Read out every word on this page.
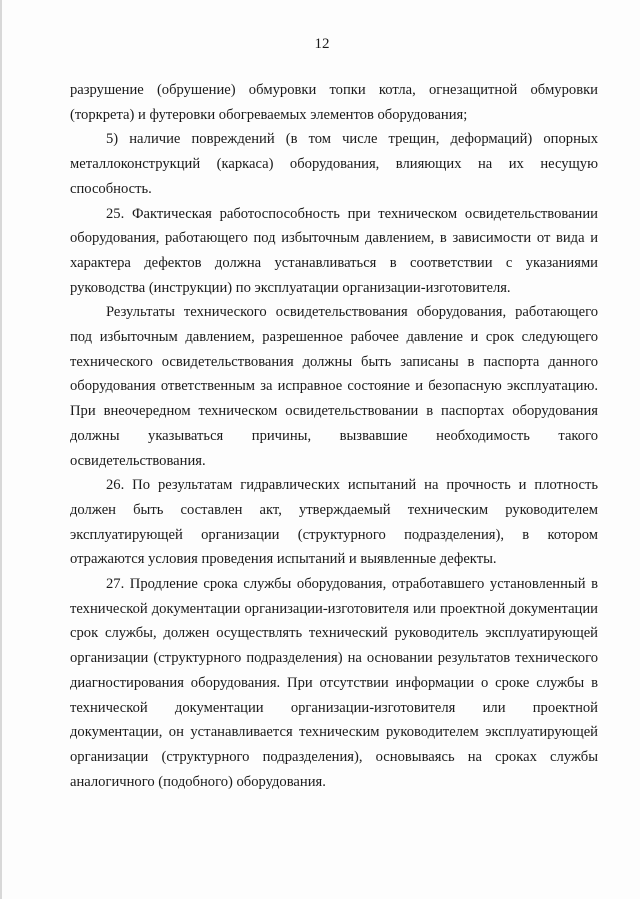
12

разрушение (обрушение) обмуровки топки котла, огнезащитной обмуровки (торкрета) и футеровки обогреваемых элементов оборудования;

5) наличие повреждений (в том числе трещин, деформаций) опорных металлоконструкций (каркаса) оборудования, влияющих на их несущую способность.

25. Фактическая работоспособность при техническом освидетельствовании оборудования, работающего под избыточным давлением, в зависимости от вида и характера дефектов должна устанавливаться в соответствии с указаниями руководства (инструкции) по эксплуатации организации-изготовителя.

Результаты технического освидетельствования оборудования, работающего под избыточным давлением, разрешенное рабочее давление и срок следующего технического освидетельствования должны быть записаны в паспорта данного оборудования ответственным за исправное состояние и безопасную эксплуатацию. При внеочередном техническом освидетельствовании в паспортах оборудования должны указываться причины, вызвавшие необходимость такого освидетельствования.

26. По результатам гидравлических испытаний на прочность и плотность должен быть составлен акт, утверждаемый техническим руководителем эксплуатирующей организации (структурного подразделения), в котором отражаются условия проведения испытаний и выявленные дефекты.

27. Продление срока службы оборудования, отработавшего установленный в технической документации организации-изготовителя или проектной документации срок службы, должен осуществлять технический руководитель эксплуатирующей организации (структурного подразделения) на основании результатов технического диагностирования оборудования. При отсутствии информации о сроке службы в технической документации организации-изготовителя или проектной документации, он устанавливается техническим руководителем эксплуатирующей организации (структурного подразделения), основываясь на сроках службы аналогичного (подобного) оборудования.
